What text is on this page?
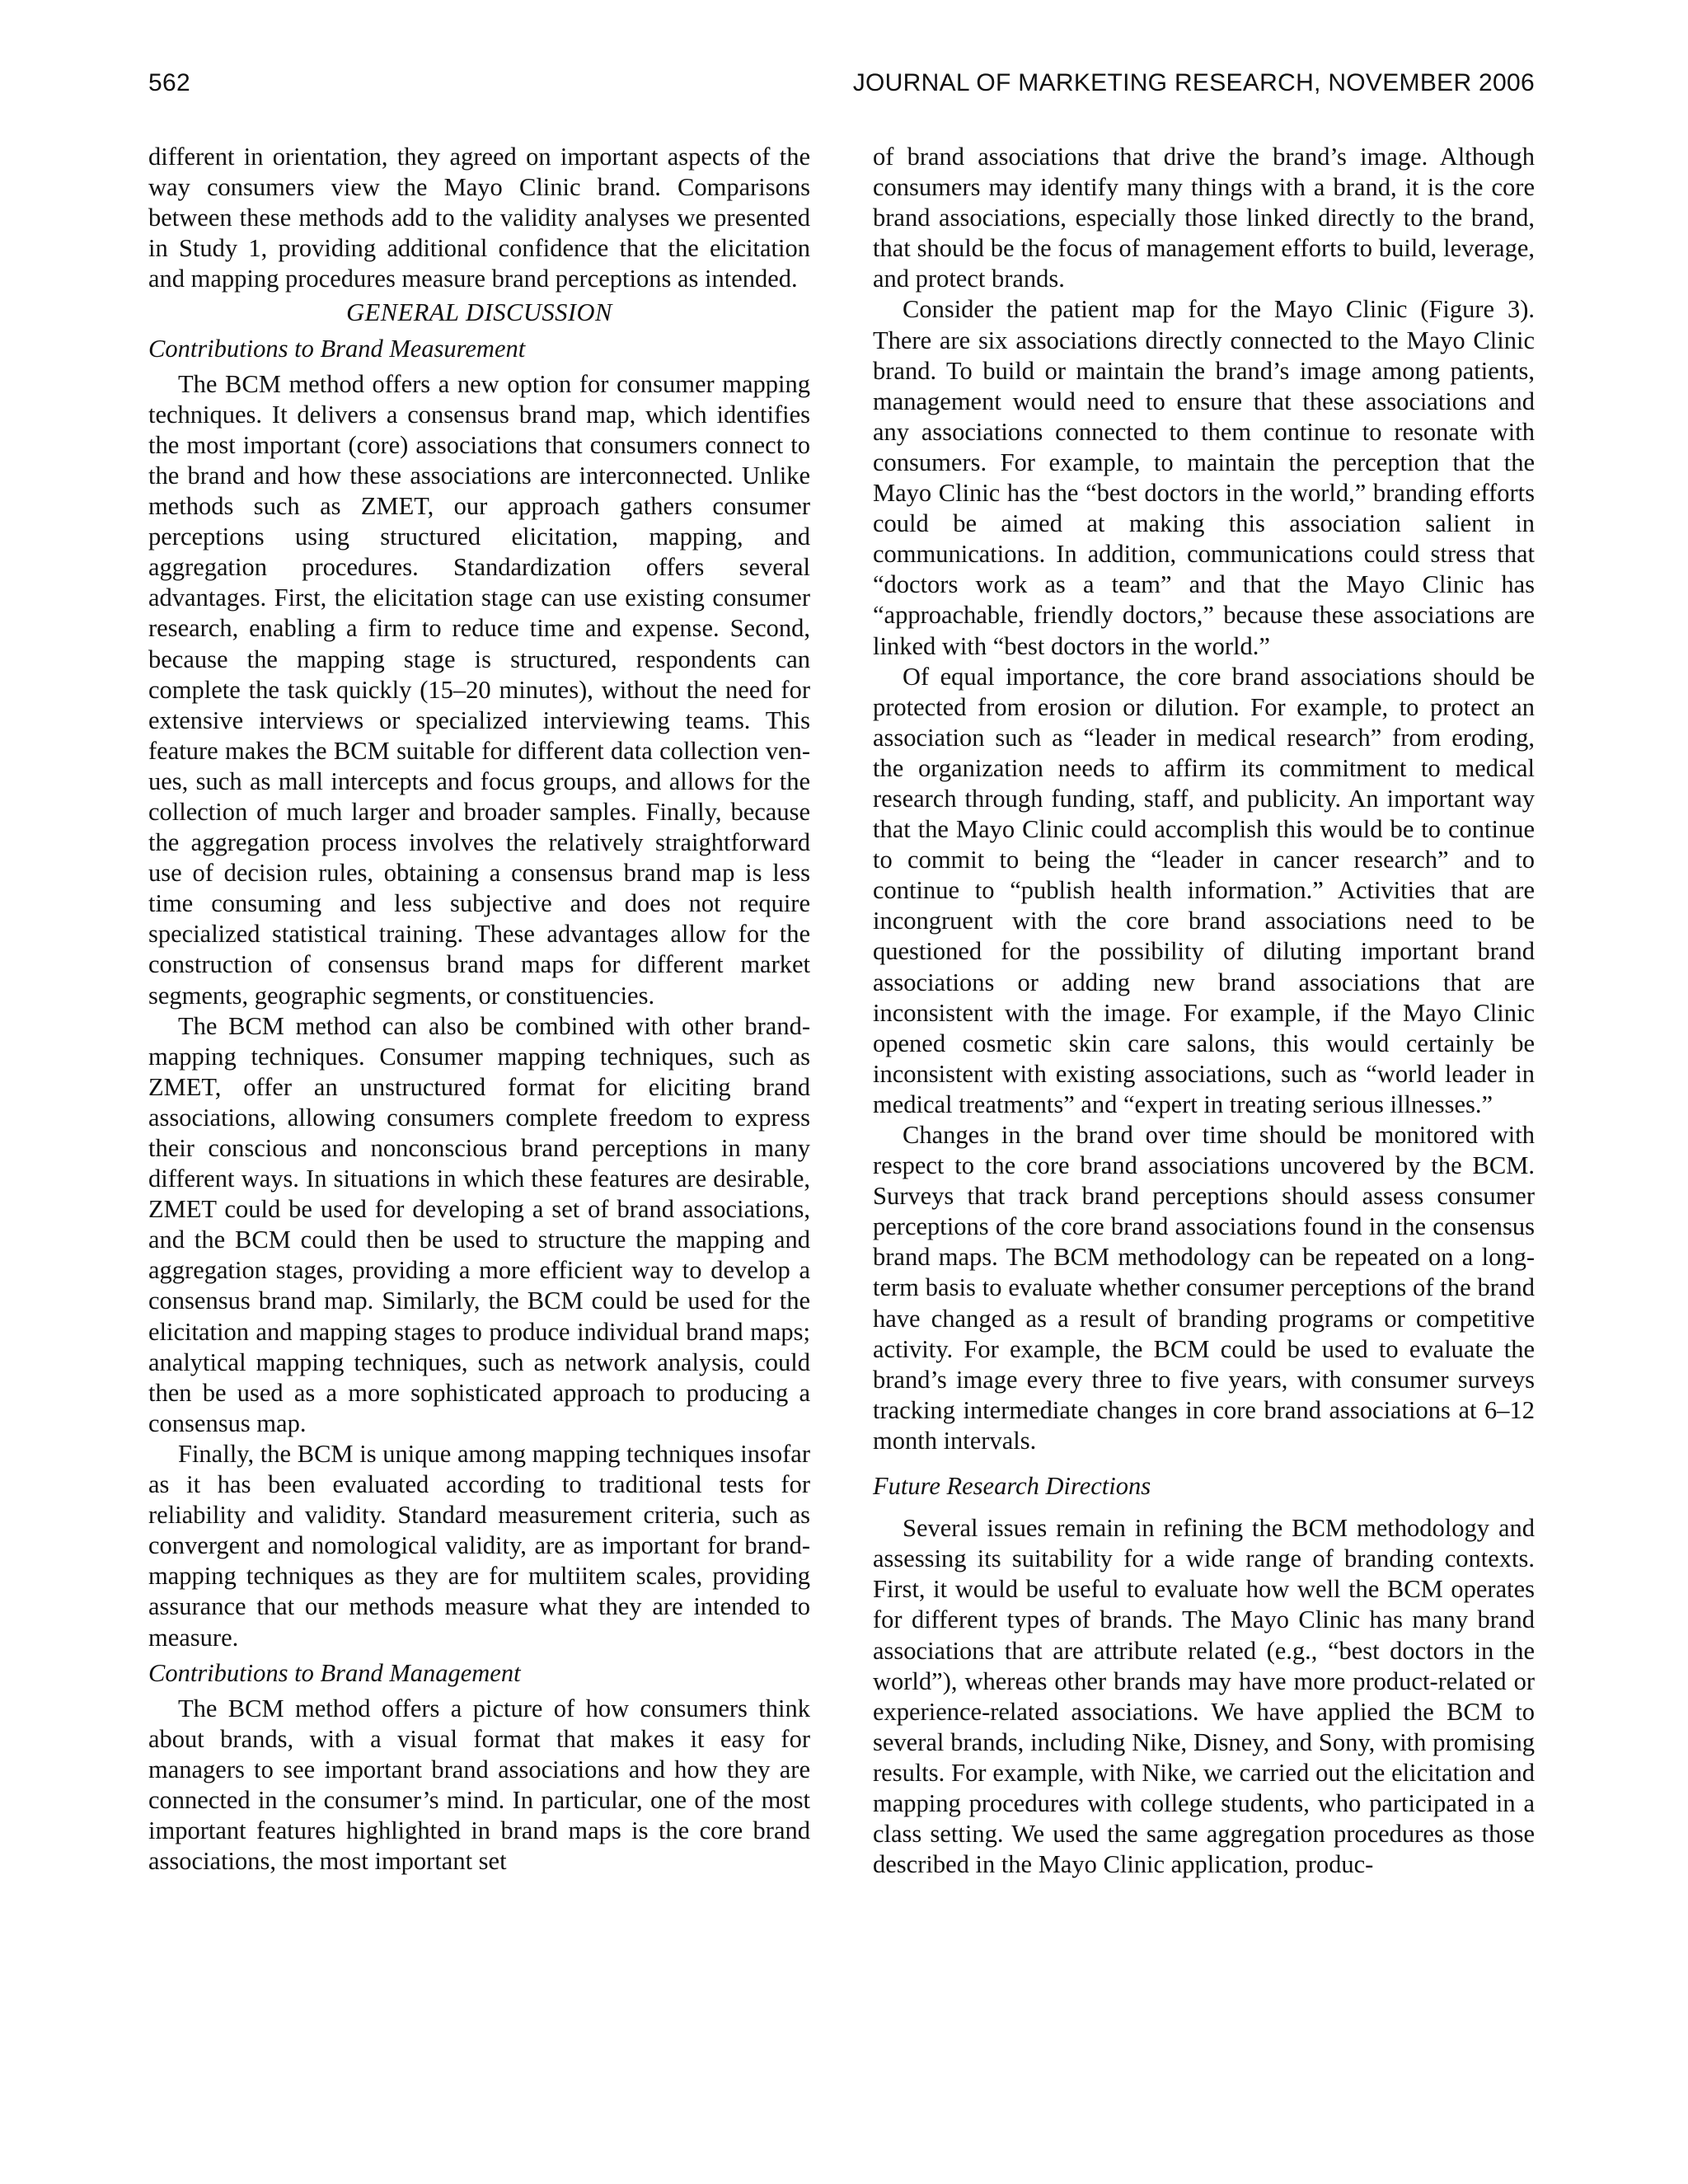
562	JOURNAL OF MARKETING RESEARCH, NOVEMBER 2006

different in orientation, they agreed on important aspects of the way consumers view the Mayo Clinic brand. Comparisons between these methods add to the validity analyses we presented in Study 1, providing additional confidence that the elicitation and mapping procedures measure brand perceptions as intended.

GENERAL DISCUSSION
Contributions to Brand Measurement

The BCM method offers a new option for consumer mapping techniques. It delivers a consensus brand map, which identifies the most important (core) associations that consumers connect to the brand and how these associations are interconnected. Unlike methods such as ZMET, our approach gathers consumer perceptions using structured elicitation, mapping, and aggregation procedures. Standardization offers several advantages. First, the elicitation stage can use existing consumer research, enabling a firm to reduce time and expense. Second, because the mapping stage is structured, respondents can complete the task quickly (15–20 minutes), without the need for extensive interviews or specialized interviewing teams. This feature makes the BCM suitable for different data collection venues, such as mall intercepts and focus groups, and allows for the collection of much larger and broader samples. Finally, because the aggregation process involves the relatively straightforward use of decision rules, obtaining a consensus brand map is less time consuming and less subjective and does not require specialized statistical training. These advantages allow for the construction of consensus brand maps for different market segments, geographic segments, or constituencies.

The BCM method can also be combined with other brand-mapping techniques. Consumer mapping techniques, such as ZMET, offer an unstructured format for eliciting brand associations, allowing consumers complete freedom to express their conscious and nonconscious brand perceptions in many different ways. In situations in which these features are desirable, ZMET could be used for developing a set of brand associations, and the BCM could then be used to structure the mapping and aggregation stages, providing a more efficient way to develop a consensus brand map. Similarly, the BCM could be used for the elicitation and mapping stages to produce individual brand maps; analytical mapping techniques, such as network analysis, could then be used as a more sophisticated approach to producing a consensus map.

Finally, the BCM is unique among mapping techniques insofar as it has been evaluated according to traditional tests for reliability and validity. Standard measurement criteria, such as convergent and nomological validity, are as important for brand-mapping techniques as they are for multiitem scales, providing assurance that our methods measure what they are intended to measure.

Contributions to Brand Management

The BCM method offers a picture of how consumers think about brands, with a visual format that makes it easy for managers to see important brand associations and how they are connected in the consumer’s mind. In particular, one of the most important features highlighted in brand maps is the core brand associations, the most important set

of brand associations that drive the brand’s image. Although consumers may identify many things with a brand, it is the core brand associations, especially those linked directly to the brand, that should be the focus of management efforts to build, leverage, and protect brands.

Consider the patient map for the Mayo Clinic (Figure 3). There are six associations directly connected to the Mayo Clinic brand. To build or maintain the brand’s image among patients, management would need to ensure that these associations and any associations connected to them continue to resonate with consumers. For example, to maintain the perception that the Mayo Clinic has the “best doctors in the world,” branding efforts could be aimed at making this association salient in communications. In addition, communications could stress that “doctors work as a team” and that the Mayo Clinic has “approachable, friendly doctors,” because these associations are linked with “best doctors in the world.”

Of equal importance, the core brand associations should be protected from erosion or dilution. For example, to protect an association such as “leader in medical research” from eroding, the organization needs to affirm its commitment to medical research through funding, staff, and publicity. An important way that the Mayo Clinic could accomplish this would be to continue to commit to being the “leader in cancer research” and to continue to “publish health information.” Activities that are incongruent with the core brand associations need to be questioned for the possibility of diluting important brand associations or adding new brand associations that are inconsistent with the image. For example, if the Mayo Clinic opened cosmetic skin care salons, this would certainly be inconsistent with existing associations, such as “world leader in medical treatments” and “expert in treating serious illnesses.”

Changes in the brand over time should be monitored with respect to the core brand associations uncovered by the BCM. Surveys that track brand perceptions should assess consumer perceptions of the core brand associations found in the consensus brand maps. The BCM methodology can be repeated on a long-term basis to evaluate whether consumer perceptions of the brand have changed as a result of branding programs or competitive activity. For example, the BCM could be used to evaluate the brand’s image every three to five years, with consumer surveys tracking intermediate changes in core brand associations at 6–12 month intervals.

Future Research Directions

Several issues remain in refining the BCM methodology and assessing its suitability for a wide range of branding contexts. First, it would be useful to evaluate how well the BCM operates for different types of brands. The Mayo Clinic has many brand associations that are attribute related (e.g., “best doctors in the world”), whereas other brands may have more product-related or experience-related associations. We have applied the BCM to several brands, including Nike, Disney, and Sony, with promising results. For example, with Nike, we carried out the elicitation and mapping procedures with college students, who participated in a class setting. We used the same aggregation procedures as those described in the Mayo Clinic application, produc-
